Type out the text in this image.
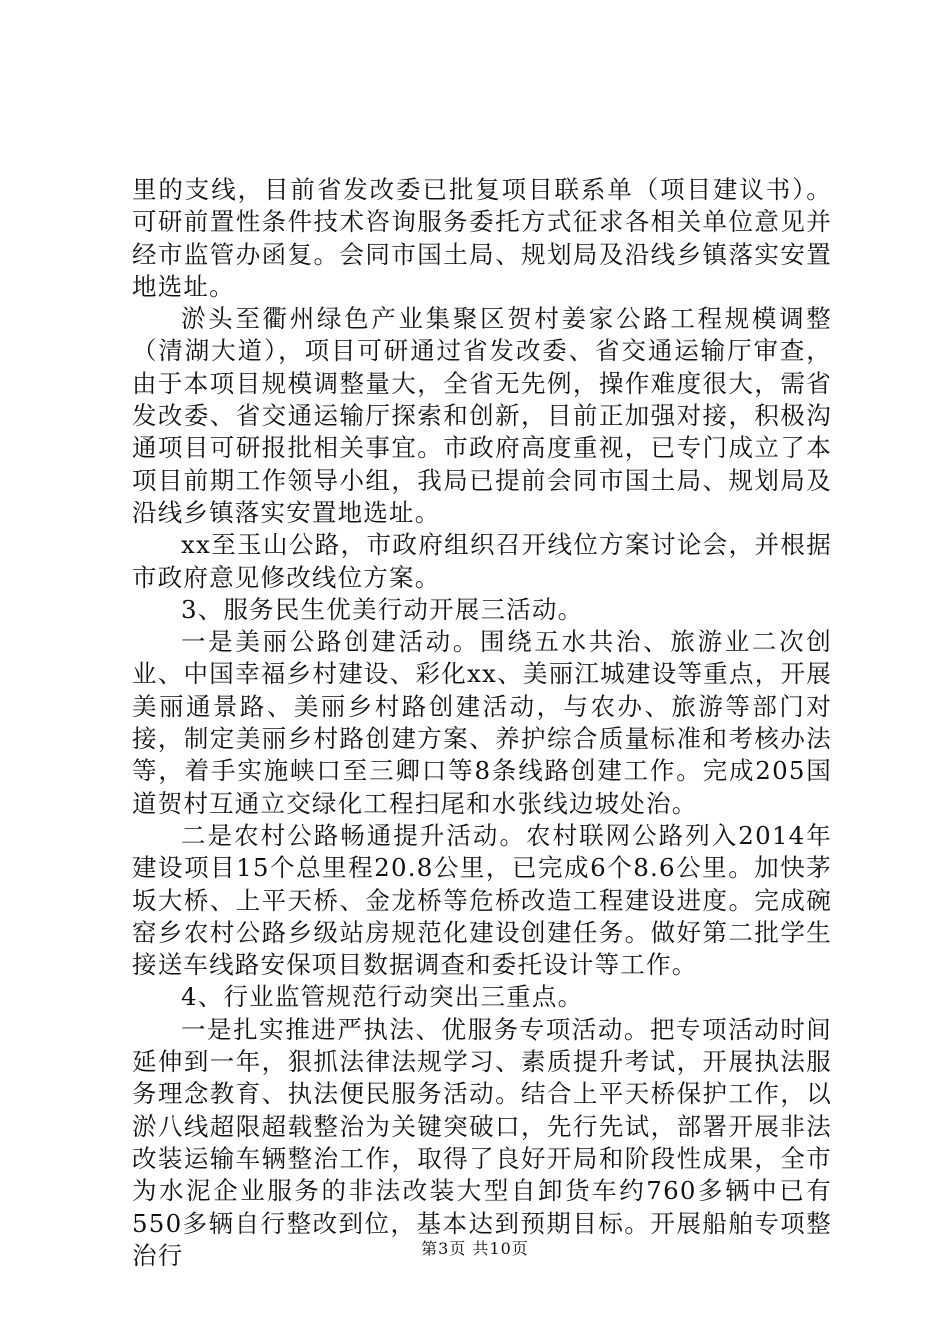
里的支线，目前省发改委已批复项目联系单（项目建议书）。可研前置性条件技术咨询服务委托方式征求各相关单位意见并经市监管办函复。会同市国土局、规划局及沿线乡镇落实安置地选址。

淤头至衢州绿色产业集聚区贺村姜家公路工程规模调整（清湖大道），项目可研通过省发改委、省交通运输厅审查，由于本项目规模调整量大，全省无先例，操作难度很大，需省发改委、省交通运输厅探索和创新，目前正加强对接，积极沟通项目可研报批相关事宜。市政府高度重视，已专门成立了本项目前期工作领导小组，我局已提前会同市国土局、规划局及沿线乡镇落实安置地选址。

xx至玉山公路，市政府组织召开线位方案讨论会，并根据市政府意见修改线位方案。

3、服务民生优美行动开展三活动。

一是美丽公路创建活动。围绕五水共治、旅游业二次创业、中国幸福乡村建设、彩化xx、美丽江城建设等重点，开展美丽通景路、美丽乡村路创建活动，与农办、旅游等部门对接，制定美丽乡村路创建方案、养护综合质量标准和考核办法等，着手实施峡口至三卿口等8条线路创建工作。完成205国道贺村互通立交绿化工程扫尾和水张线边坡处治。

二是农村公路畅通提升活动。农村联网公路列入2014年建设项目15个总里程20.8公里，已完成6个8.6公里。加快茅坂大桥、上平天桥、金龙桥等危桥改造工程建设进度。完成碗窑乡农村公路乡级站房规范化建设创建任务。做好第二批学生接送车线路安保项目数据调查和委托设计等工作。

4、行业监管规范行动突出三重点。

一是扎实推进严执法、优服务专项活动。把专项活动时间延伸到一年，狠抓法律法规学习、素质提升考试，开展执法服务理念教育、执法便民服务活动。结合上平天桥保护工作，以淤八线超限超载整治为关键突破口，先行先试，部署开展非法改装运输车辆整治工作，取得了良好开局和阶段性成果，全市为水泥企业服务的非法改装大型自卸货车约760多辆中已有550多辆自行整改到位，基本达到预期目标。开展船舶专项整治行	第3页 共10页
